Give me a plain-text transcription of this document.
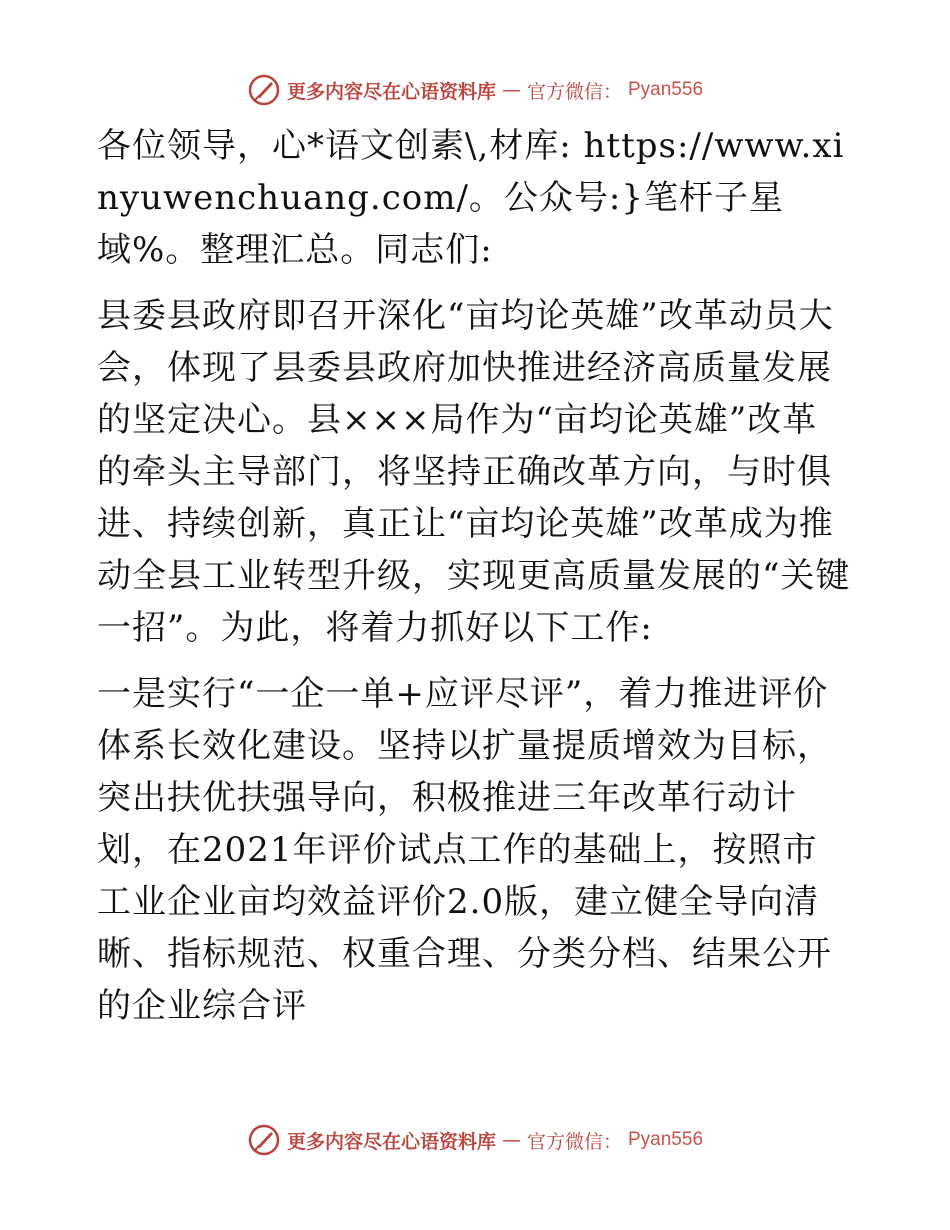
更多内容尽在心语资料库 — 官方微信： Pyan556

各位领导，心*语文创素\,材库: https://www.xinyuwenchuang.com/。公众号:}笔杆子星域%。整理汇总。同志们:

县委县政府即召开深化“亩均论英雄”改革动员大会，体现了县委县政府加快推进经济高质量发展的坚定决心。县×××局作为“亩均论英雄”改革的牵头主导部门，将坚持正确改革方向，与时俱进、持续创新，真正让“亩均论英雄”改革成为推动全县工业转型升级，实现更高质量发展的“关键一招”。为此，将着力抓好以下工作:

一是实行“一企一单+应评尽评”，着力推进评价体系长效化建设。坚持以扩量提质增效为目标，突出扶优扶强导向，积极推进三年改革行动计划，在2021年评价试点工作的基础上，按照市工业企业亩均效益评价2.0版，建立健全导向清晰、指标规范、权重合理、分类分档、结果公开的企业综合评

更多内容尽在心语资料库 — 官方微信： Pyan556
